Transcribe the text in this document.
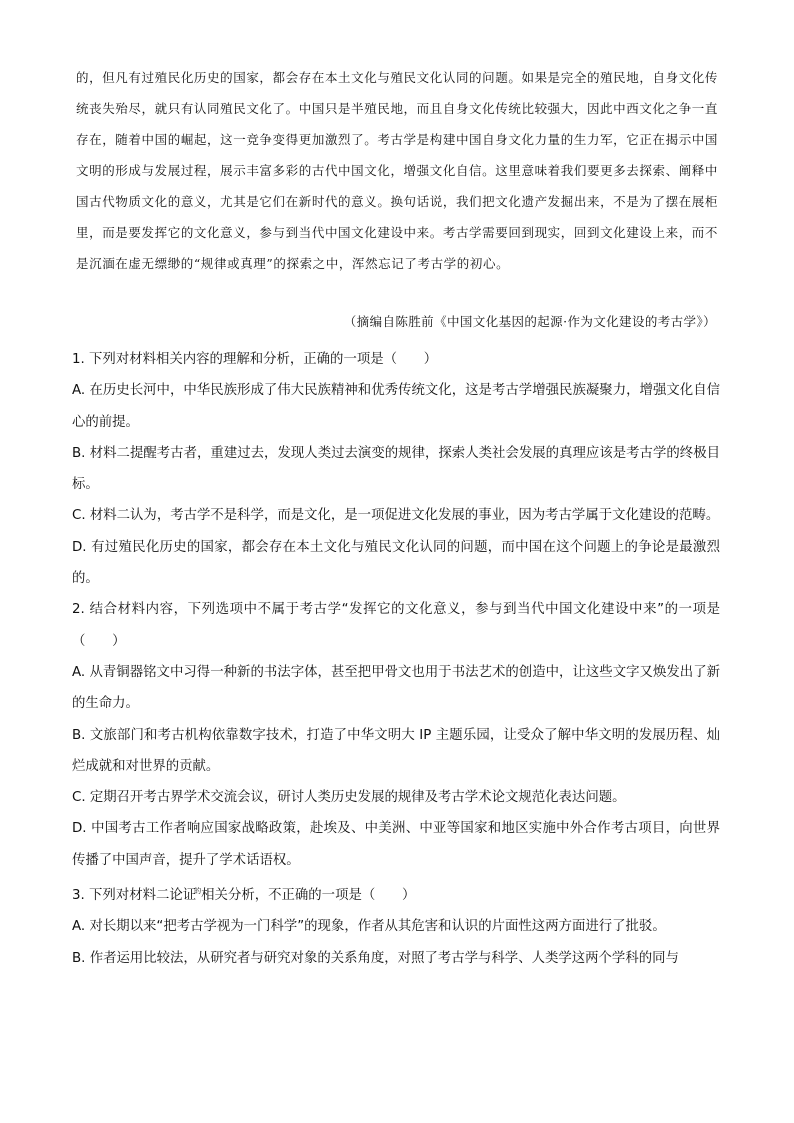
的，但凡有过殖民化历史的国家，都会存在本土文化与殖民文化认同的问题。如果是完全的殖民地，自身文化传统丧失殆尽，就只有认同殖民文化了。中国只是半殖民地，而且自身文化传统比较强大，因此中西文化之争一直存在，随着中国的崛起，这一竞争变得更加激烈了。考古学是构建中国自身文化力量的生力军，它正在揭示中国文明的形成与发展过程，展示丰富多彩的古代中国文化，增强文化自信。这里意味着我们要更多去探索、阐释中国古代物质文化的意义，尤其是它们在新时代的意义。换句话说，我们把文化遗产发掘出来，不是为了摆在展柜里，而是要发挥它的文化意义，参与到当代中国文化建设中来。考古学需要回到现实，回到文化建设上来，而不是沉湎在虚无缥缈的“规律或真理”的探索之中，浑然忘记了考古学的初心。

（摘编自陈胜前《中国文化基因的起源·作为文化建设的考古学》）

1. 下列对材料相关内容的理解和分析，正确的一项是（　　）

A. 在历史长河中，中华民族形成了伟大民族精神和优秀传统文化，这是考古学增强民族凝聚力，增强文化自信心的前提。

B. 材料二提醒考古者，重建过去，发现人类过去演变的规律，探索人类社会发展的真理应该是考古学的终极目标。

C. 材料二认为，考古学不是科学，而是文化，是一项促进文化发展的事业，因为考古学属于文化建设的范畴。

D. 有过殖民化历史的国家，都会存在本土文化与殖民文化认同的问题，而中国在这个问题上的争论是最激烈的。

2. 结合材料内容，下列选项中不属于考古学“发挥它的文化意义，参与到当代中国文化建设中来”的一项是（　　）

A. 从青铜器铭文中习得一种新的书法字体，甚至把甲骨文也用于书法艺术的创造中，让这些文字又焕发出了新的生命力。

B. 文旅部门和考古机构依靠数字技术，打造了中华文明大 IP 主题乐园，让受众了解中华文明的发展历程、灿烂成就和对世界的贡献。

C. 定期召开考古界学术交流会议，研讨人类历史发展的规律及考古学术论文规范化表达问题。

D. 中国考古工作者响应国家战略政策，赴埃及、中美洲、中亚等国家和地区实施中外合作考古项目，向世界传播了中国声音，提升了学术话语权。

3. 下列对材料二论证$^的$相关分析，不正确的一项是（　　）

A. 对长期以来“把考古学视为一门科学”的现象，作者从其危害和认识的片面性这两方面进行了批驳。

B. 作者运用比较法，从研究者与研究对象的关系角度，对照了考古学与科学、人类学这两个学科的同与
